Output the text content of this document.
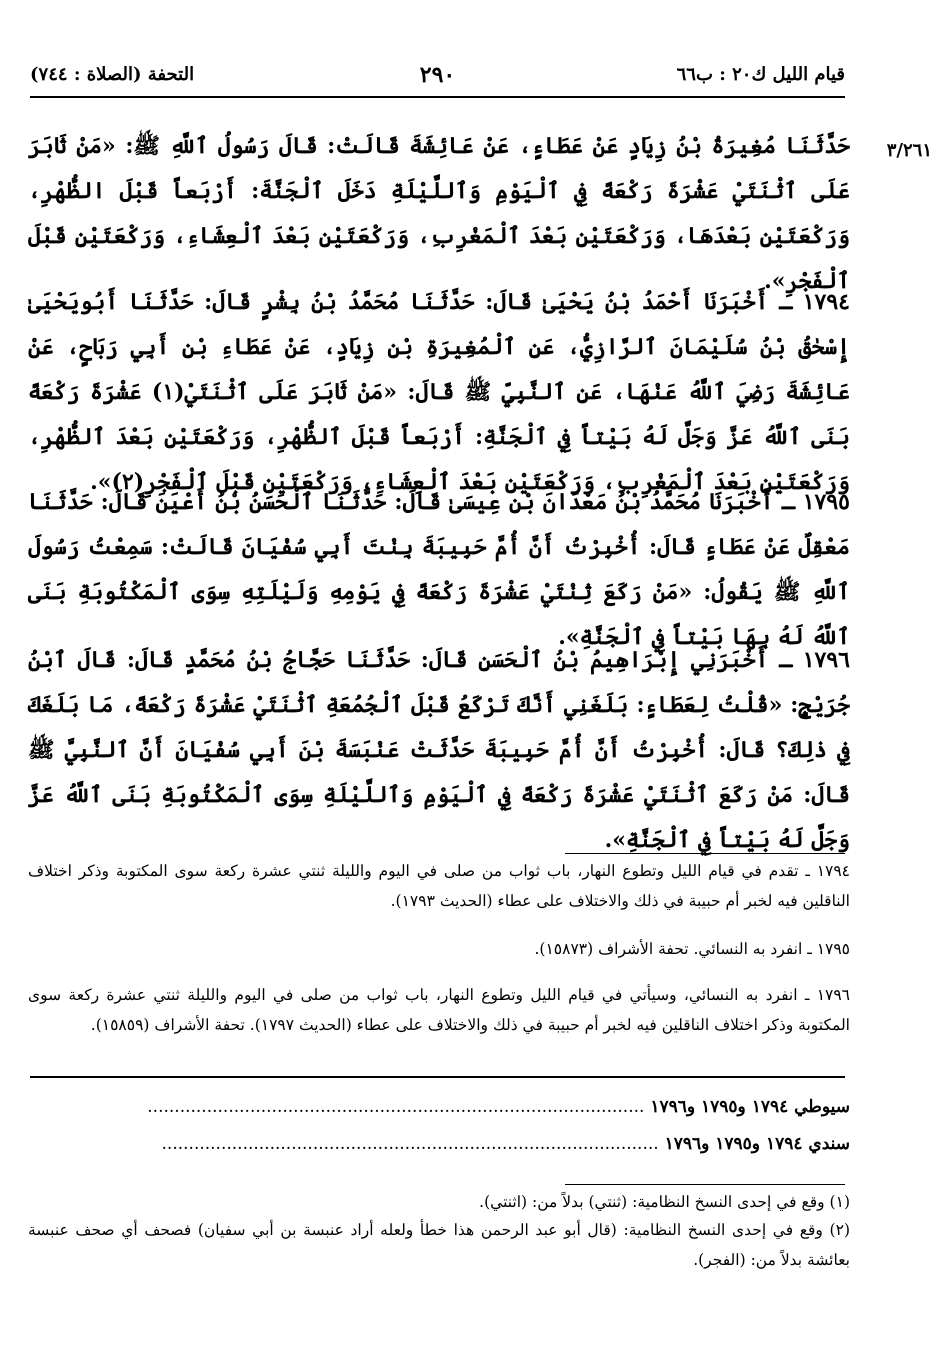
قيام الليل ك٢٠ : ب٦٦
٢٩٠
التحفة (الصلاة : ٧٤٤)
٣/٢٦١

حَدَّثَنَا مُغِيرَةُ بْنُ زِيَادٍ عَنْ عَطَاءٍ، عَنْ عَائِشَةَ قَالَتْ: قَالَ رَسُولُ ٱللَّهِ ﷺ: «مَنْ ثَابَرَ عَلَى ٱثْنَتَيْ عَشْرَةَ رَكْعَةً فِي ٱلْيَوْمِ وَٱللَّيْلَةِ دَخَلَ ٱلْجَنَّةَ: أَرْبَعاً قَبْلَ الظُّهْرِ، وَرَكْعَتَيْنِ بَعْدَهَا، وَرَكْعَتَيْنِ بَعْدَ ٱلْمَغْرِبِ، وَرَكْعَتَيْنِ بَعْدَ ٱلْعِشَاءِ، وَرَكْعَتَيْنِ قَبْلَ ٱلْفَجْرِ».

١٧٩٤ ـ أَخْبَرَنَا أَحْمَدُ بْنُ يَحْيَىٰ قَالَ: حَدَّثَنَا مُحَمَّدُ بْنُ بِشْرٍ قَالَ: حَدَّثَنَا أَبُويَحْيَىٰ إِسْحٰقُ بْنُ سُلَيْمَانَ ٱلرَّازِيُّ، عَنِ ٱلْمُغِيرَةِ بْنِ زِيَادٍ، عَنْ عَطَاءِ بْنِ أَبِي رَبَاحٍ، عَنْ عَائِشَةَ رَضِيَ ٱللَّهُ عَنْهَا، عَنِ ٱلنَّبِيِّ ﷺ قَالَ: «مَنْ ثَابَرَ عَلَى ٱثْنَتَيْ(١) عَشْرَةَ رَكْعَةً بَنَى ٱللَّهُ عَزَّ وَجَلَّ لَهُ بَيْتاً فِي ٱلْجَنَّةِ: أَرْبَعاً قَبْلَ ٱلظُّهْرِ، وَرَكْعَتَيْنِ بَعْدَ ٱلظُّهْرِ، وَرَكْعَتَيْنِ بَعْدَ ٱلْمَغْرِبِ، وَرَكْعَتَيْنِ بَعْدَ ٱلْعِشَاءِ، وَرَكْعَتَيْنِ قَبْلَ ٱلْفَجْرِ(٢)».

١٧٩٥ ـ أَخْبَرَنَا مُحَمَّدُ بْنُ مَعْدَانَ بْنِ عِيسَىٰ قَالَ: حَدَّثَنَا ٱلْحَسَنُ بْنُ أَعْيَنَ قَالَ: حَدَّثَنَا مَعْقِلٌ عَنْ عَطَاءٍ قَالَ: أُخْبِرْتُ أَنَّ أُمَّ حَبِيبَةَ بِنْتَ أَبِي سُفْيَانَ قَالَتْ: سَمِعْتُ رَسُولَ ٱللَّهِ ﷺ يَقُولُ: «مَنْ رَكَعَ ثِنْتَيْ عَشْرَةَ رَكْعَةً فِي يَوْمِهِ وَلَيْلَتِهِ سِوَى ٱلْمَكْتُوبَةِ بَنَى ٱللَّهُ لَهُ بِهَا بَيْتاً فِي ٱلْجَنَّةِ».

١٧٩٦ ـ أَخْبَرَنِي إِبْرَاهِيمُ بْنُ ٱلْحَسَنِ قَالَ: حَدَّثَنَا حَجَّاجُ بْنُ مُحَمَّدٍ قَالَ: قَالَ ٱبْنُ جُرَيْجٍ: «قُلْتُ لِعَطَاءٍ: بَلَغَنِي أَنَّكَ تَرْكَعُ قَبْلَ ٱلْجُمُعَةِ ٱثْنَتَيْ عَشْرَةَ رَكْعَةً، مَا بَلَغَكَ فِي ذٰلِكَ؟ قَالَ: أُخْبِرْتُ أَنَّ أُمَّ حَبِيبَةَ حَدَّثَتْ عَنْبَسَةَ بْنَ أَبِي سُفْيَانَ أَنَّ ٱلنَّبِيَّ ﷺ قَالَ: مَنْ رَكَعَ ٱثْنَتَيْ عَشْرَةَ رَكْعَةً فِي ٱلْيَوْمِ وَٱللَّيْلَةِ سِوَى ٱلْمَكْتُوبَةِ بَنَى ٱللَّهُ عَزَّ وَجَلَّ لَهُ بَيْتاً فِي ٱلْجَنَّةِ».

١٧٩٤ ـ تقدم في قيام الليل وتطوع النهار، باب ثواب من صلى في اليوم والليلة ثنتي عشرة ركعة سوى المكتوبة وذكر اختلاف الناقلين فيه لخبر أم حبيبة في ذلك والاختلاف على عطاء (الحديث ١٧٩٣).

١٧٩٥ ـ انفرد به النسائي. تحفة الأشراف (١٥٨٧٣).

١٧٩٦ ـ انفرد به النسائي، وسيأتي في قيام الليل وتطوع النهار، باب ثواب من صلى في اليوم والليلة ثنتي عشرة ركعة سوى المكتوبة وذكر اختلاف الناقلين فيه لخبر أم حبيبة في ذلك والاختلاف على عطاء (الحديث ١٧٩٧). تحفة الأشراف (١٥٨٥٩).

سيوطي ١٧٩٤ و١٧٩٥ و١٧٩٦ ............................................................................................
سندي ١٧٩٤ و١٧٩٥ و١٧٩٦ ............................................................................................

(١) وقع في إحدى النسخ النظامية: (ثنتي) بدلاً من: (اثنتي).

(٢) وقع في إحدى النسخ النظامية: (قال أبو عبد الرحمن هذا خطأ ولعله أراد عنبسة بن أبي سفيان) فصحف أي صحف عنبسة بعائشة بدلاً من: (الفجر).
